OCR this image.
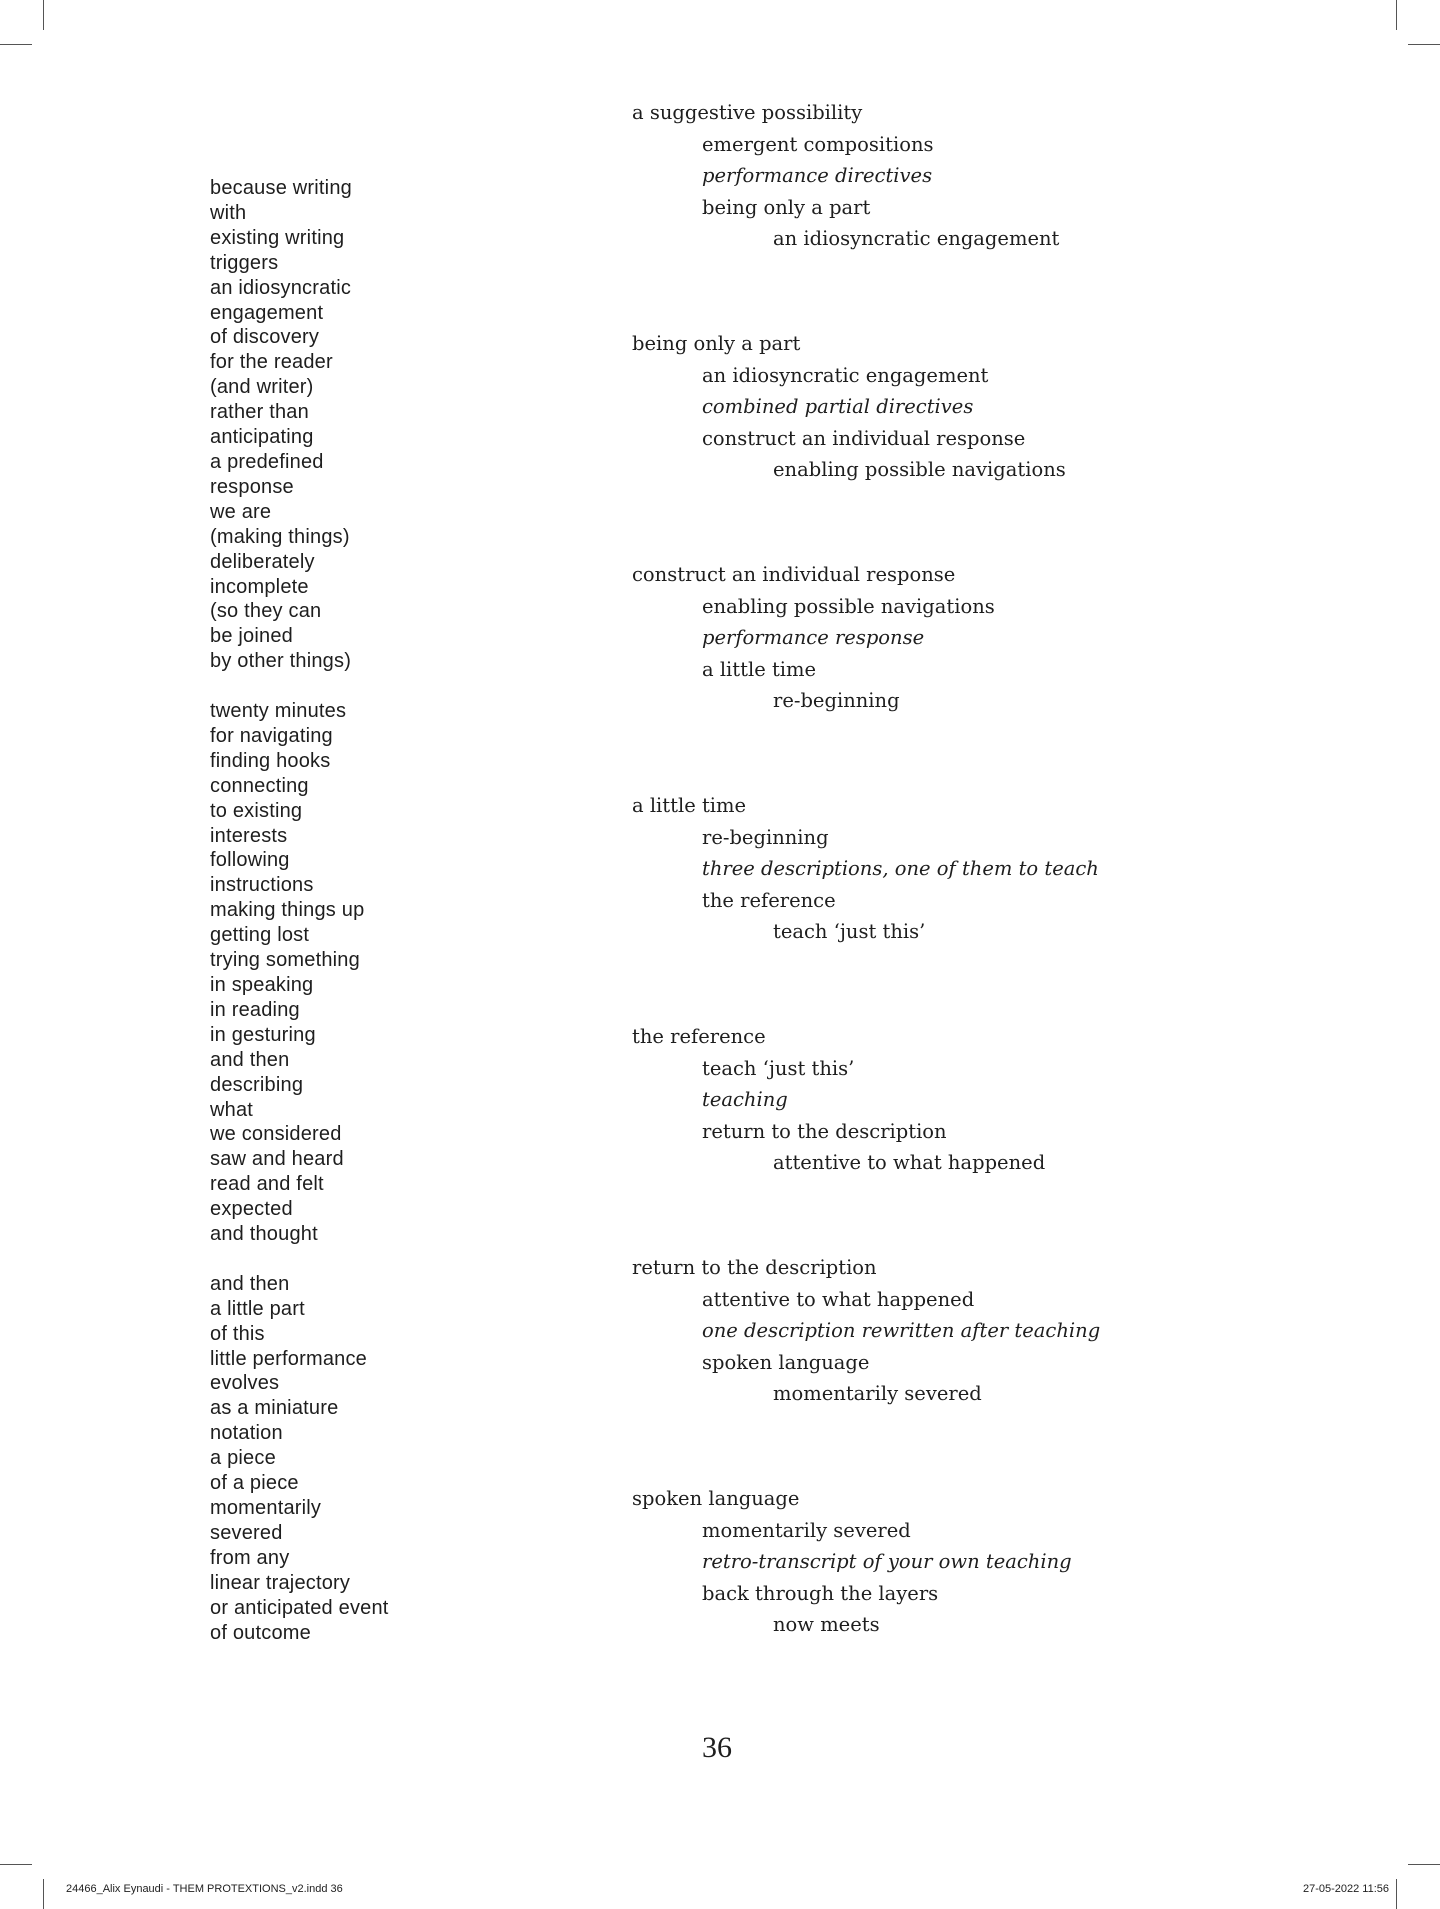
because writing
with
existing writing
triggers
an idiosyncratic
engagement
of discovery
for the reader
(and writer)
rather than
anticipating
a predefined
response
we are
(making things)
deliberately
incomplete
(so they can
be joined
by other things)
twenty minutes
for navigating
finding hooks
connecting
to existing
interests
following
instructions
making things up
getting lost
trying something
in speaking
in reading
in gesturing
and then
describing
what
we considered
saw and heard
read and felt
expected
and thought
and then
a little part
of this
little performance
evolves
as a miniature
notation
a piece
of a piece
momentarily
severed
from any
linear trajectory
or anticipated event
of outcome
a suggestive possibility
emergent compositions
performance directives
being only a part
an idiosyncratic engagement
being only a part
an idiosyncratic engagement
combined partial directives
construct an individual response
enabling possible navigations
construct an individual response
enabling possible navigations
performance response
a little time
re-beginning
a little time
re-beginning
three descriptions, one of them to teach
the reference
teach ‘just this’
the reference
teach ‘just this’
teaching
return to the description
attentive to what happened
return to the description
attentive to what happened
one description rewritten after teaching
spoken language
momentarily severed
spoken language
momentarily severed
retro-transcript of your own teaching
back through the layers
now meets
36
24466_Alix Eynaudi - THEM PROTEXTIONS_v2.indd 36	27-05-2022 11:56
